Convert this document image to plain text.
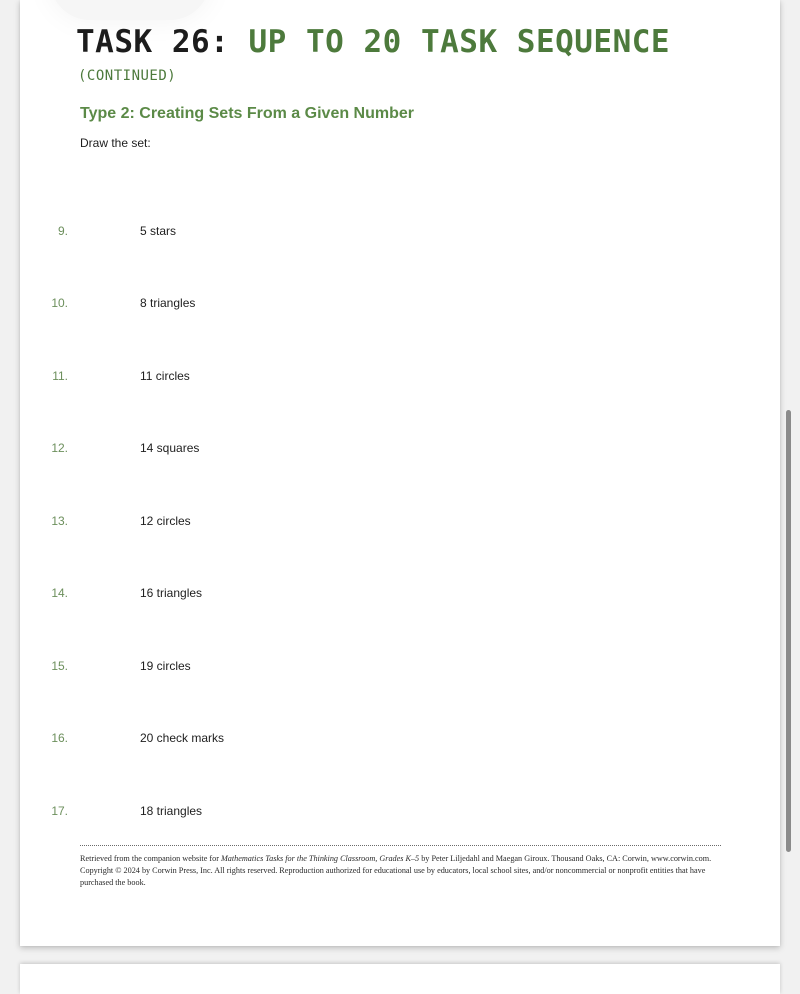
TASK 26: UP TO 20 TASK SEQUENCE
(CONTINUED)
Type 2: Creating Sets From a Given Number
Draw the set:
9.	5 stars
10.	8 triangles
11.	11 circles
12.	14 squares
13.	12 circles
14.	16 triangles
15.	19 circles
16.	20 check marks
17.	18 triangles

Retrieved from the companion website for Mathematics Tasks for the Thinking Classroom, Grades K–5 by Peter Liljedahl and Maegan Giroux. Thousand Oaks, CA: Corwin, www.corwin.com. Copyright © 2024 by Corwin Press, Inc. All rights reserved. Reproduction authorized for educational use by educators, local school sites, and/or noncommercial or nonprofit entities that have purchased the book.
